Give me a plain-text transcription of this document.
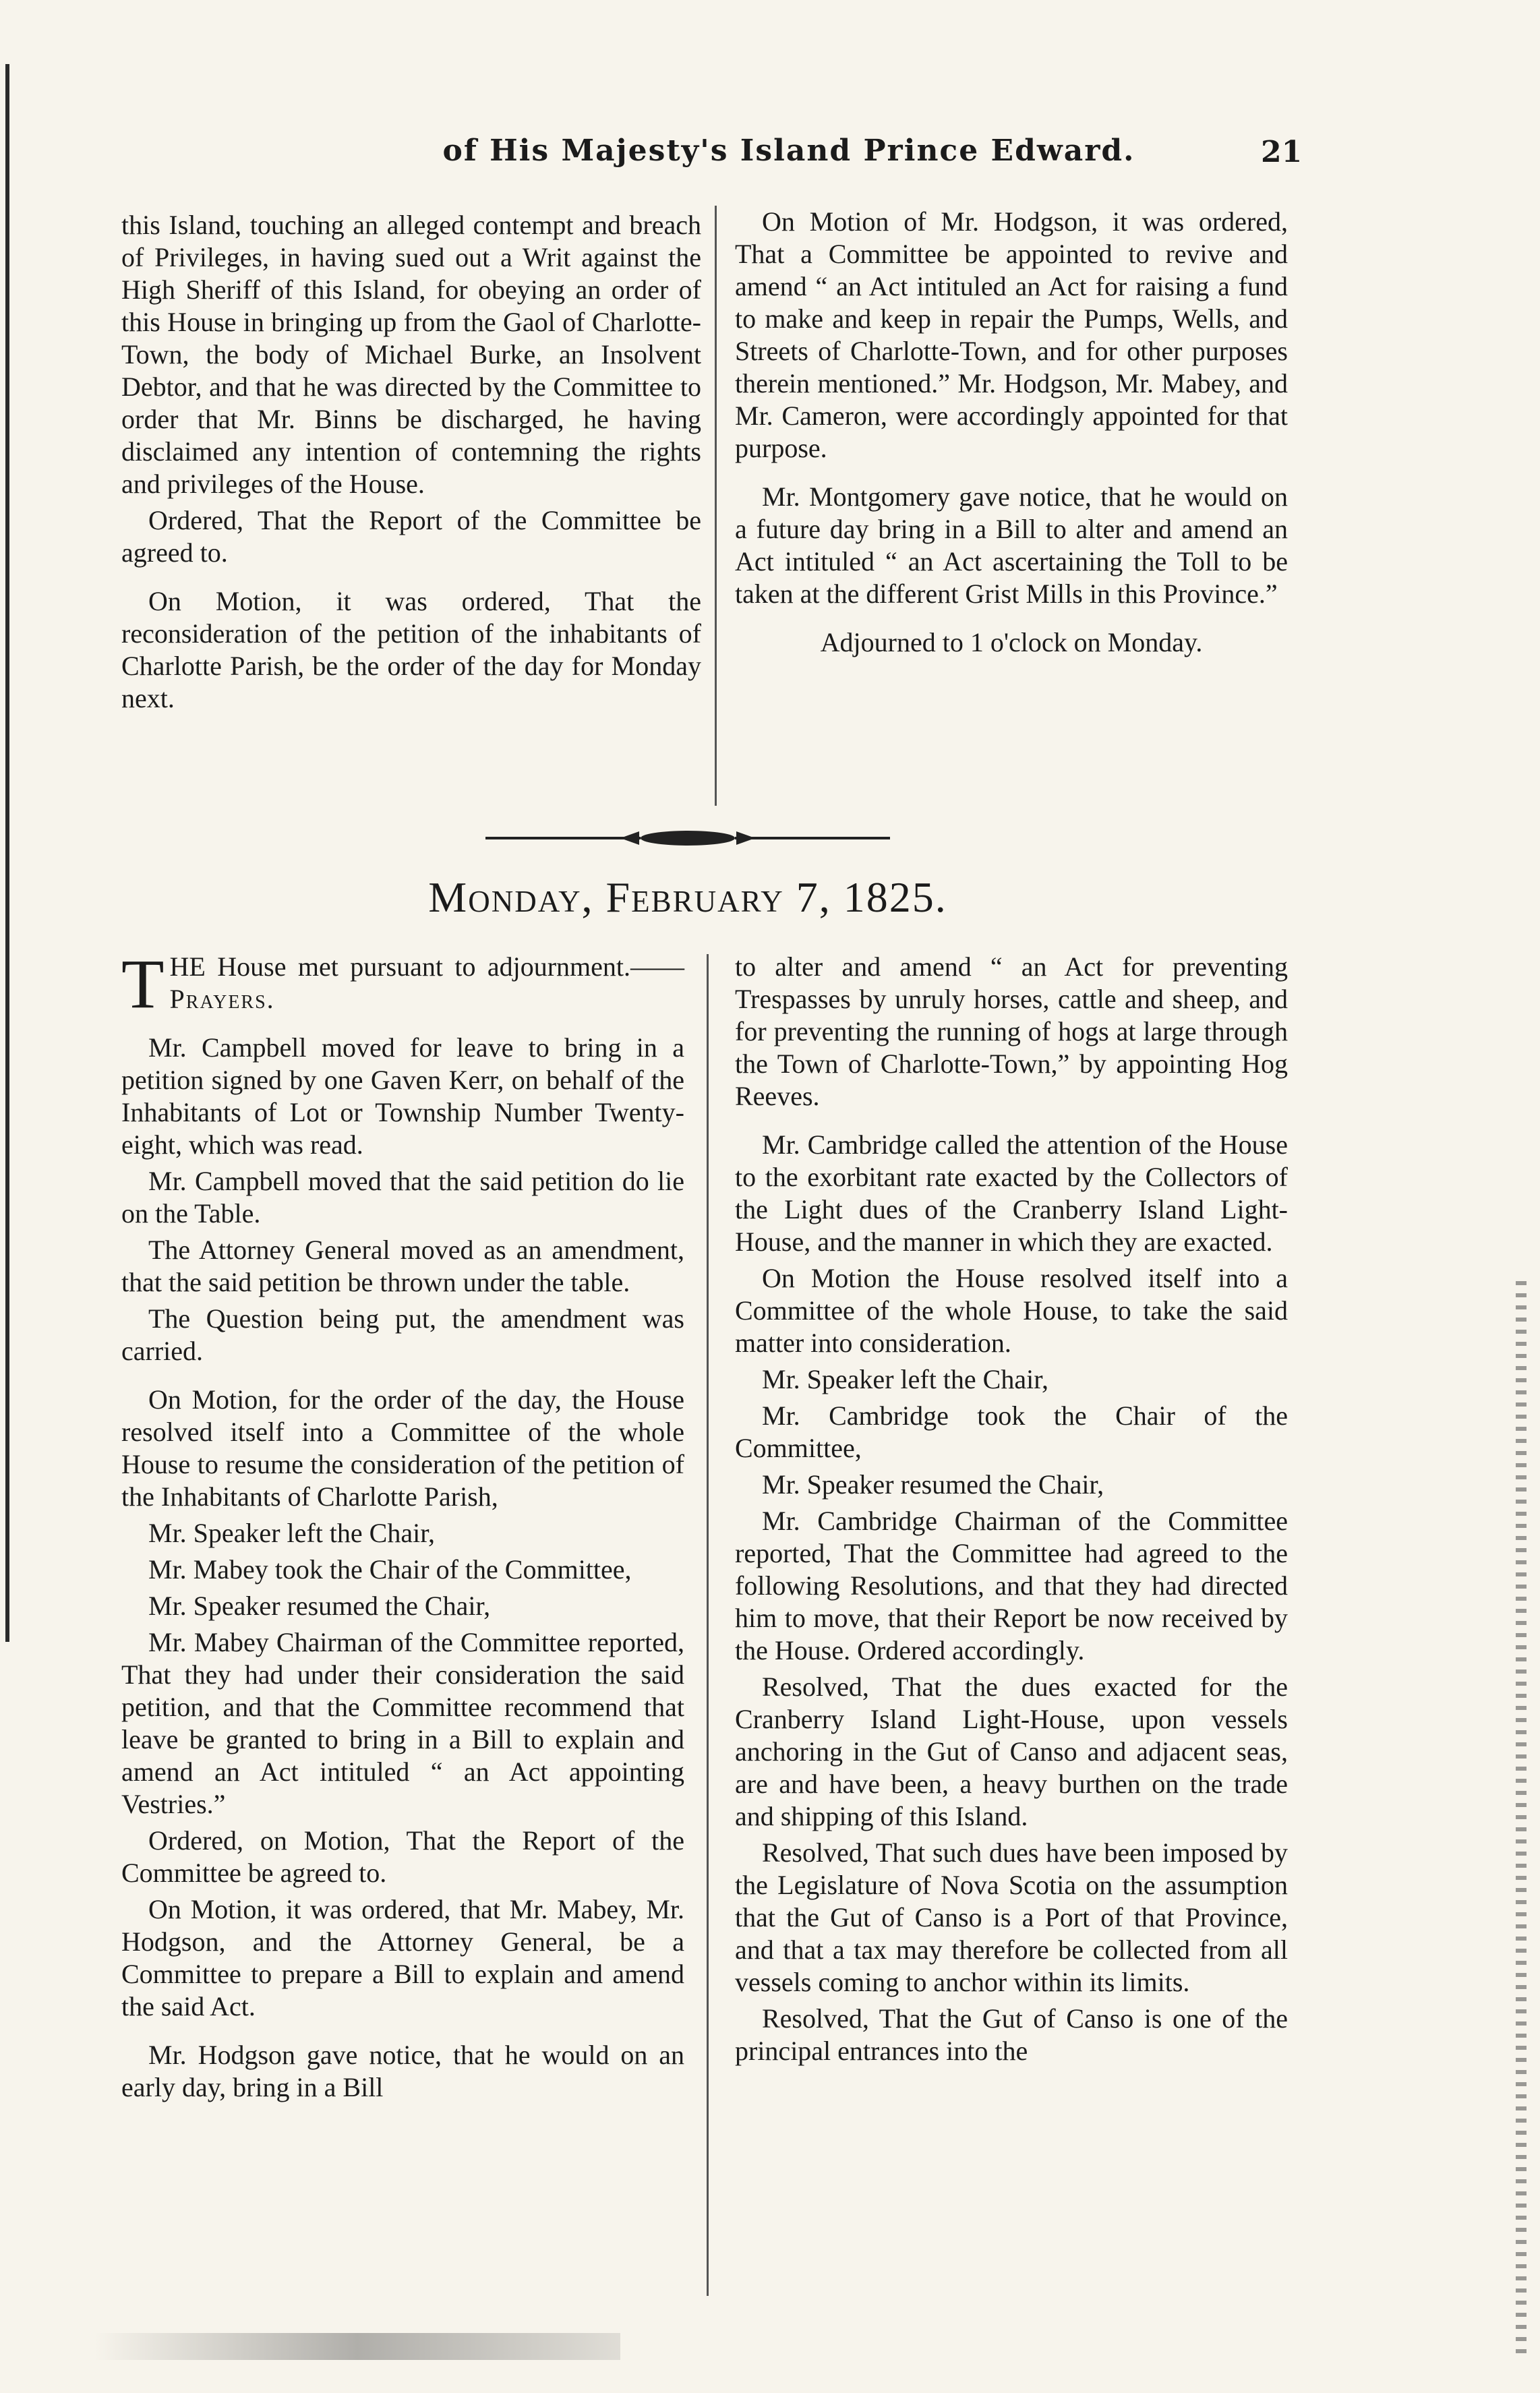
of His Majesty's Island Prince Edward.	21

this Island, touching an alleged contempt and breach of Privileges, in having sued out a Writ against the High Sheriff of this Island, for obeying an order of this House in bringing up from the Gaol of Charlotte-Town, the body of Michael Burke, an Insolvent Debtor, and that he was directed by the Committee to order that Mr. Binns be discharged, he having disclaimed any intention of contemning the rights and privileges of the House.

Ordered, That the Report of the Committee be agreed to.

On Motion, it was ordered, That the reconsideration of the petition of the inhabitants of Charlotte Parish, be the order of the day for Monday next.

On Motion of Mr. Hodgson, it was ordered, That a Committee be appointed to revive and amend “ an Act intituled an Act for raising a fund to make and keep in repair the Pumps, Wells, and Streets of Charlotte-Town, and for other purposes therein mentioned.” Mr. Hodgson, Mr. Mabey, and Mr. Cameron, were accordingly appointed for that purpose.

Mr. Montgomery gave notice, that he would on a future day bring in a Bill to alter and amend an Act intituled “ an Act ascertaining the Toll to be taken at the different Grist Mills in this Province.”

Adjourned to 1 o'clock on Monday.

Monday, February 7, 1825.

THE House met pursuant to adjournment.——Prayers.

Mr. Campbell moved for leave to bring in a petition signed by one Gaven Kerr, on behalf of the Inhabitants of Lot or Township Number Twenty-eight, which was read.

Mr. Campbell moved that the said petition do lie on the Table.

The Attorney General moved as an amendment, that the said petition be thrown under the table.

The Question being put, the amendment was carried.

On Motion, for the order of the day, the House resolved itself into a Committee of the whole House to resume the consideration of the petition of the Inhabitants of Charlotte Parish,

Mr. Speaker left the Chair,

Mr. Mabey took the Chair of the Committee,

Mr. Speaker resumed the Chair,

Mr. Mabey Chairman of the Committee reported, That they had under their consideration the said petition, and that the Committee recommend that leave be granted to bring in a Bill to explain and amend an Act intituled “ an Act appointing Vestries.”

Ordered, on Motion, That the Report of the Committee be agreed to.

On Motion, it was ordered, that Mr. Mabey, Mr. Hodgson, and the Attorney General, be a Committee to prepare a Bill to explain and amend the said Act.

Mr. Hodgson gave notice, that he would on an early day, bring in a Bill

to alter and amend “ an Act for preventing Trespasses by unruly horses, cattle and sheep, and for preventing the running of hogs at large through the Town of Charlotte-Town,” by appointing Hog Reeves.

Mr. Cambridge called the attention of the House to the exorbitant rate exacted by the Collectors of the Light dues of the Cranberry Island Light-House, and the manner in which they are exacted.

On Motion the House resolved itself into a Committee of the whole House, to take the said matter into consideration.

Mr. Speaker left the Chair,

Mr. Cambridge took the Chair of the Committee,

Mr. Speaker resumed the Chair,

Mr. Cambridge Chairman of the Committee reported, That the Committee had agreed to the following Resolutions, and that they had directed him to move, that their Report be now received by the House. Ordered accordingly.

Resolved, That the dues exacted for the Cranberry Island Light-House, upon vessels anchoring in the Gut of Canso and adjacent seas, are and have been, a heavy burthen on the trade and shipping of this Island.

Resolved, That such dues have been imposed by the Legislature of Nova Scotia on the assumption that the Gut of Canso is a Port of that Province, and that a tax may therefore be collected from all vessels coming to anchor within its limits.

Resolved, That the Gut of Canso is one of the principal entrances into the
